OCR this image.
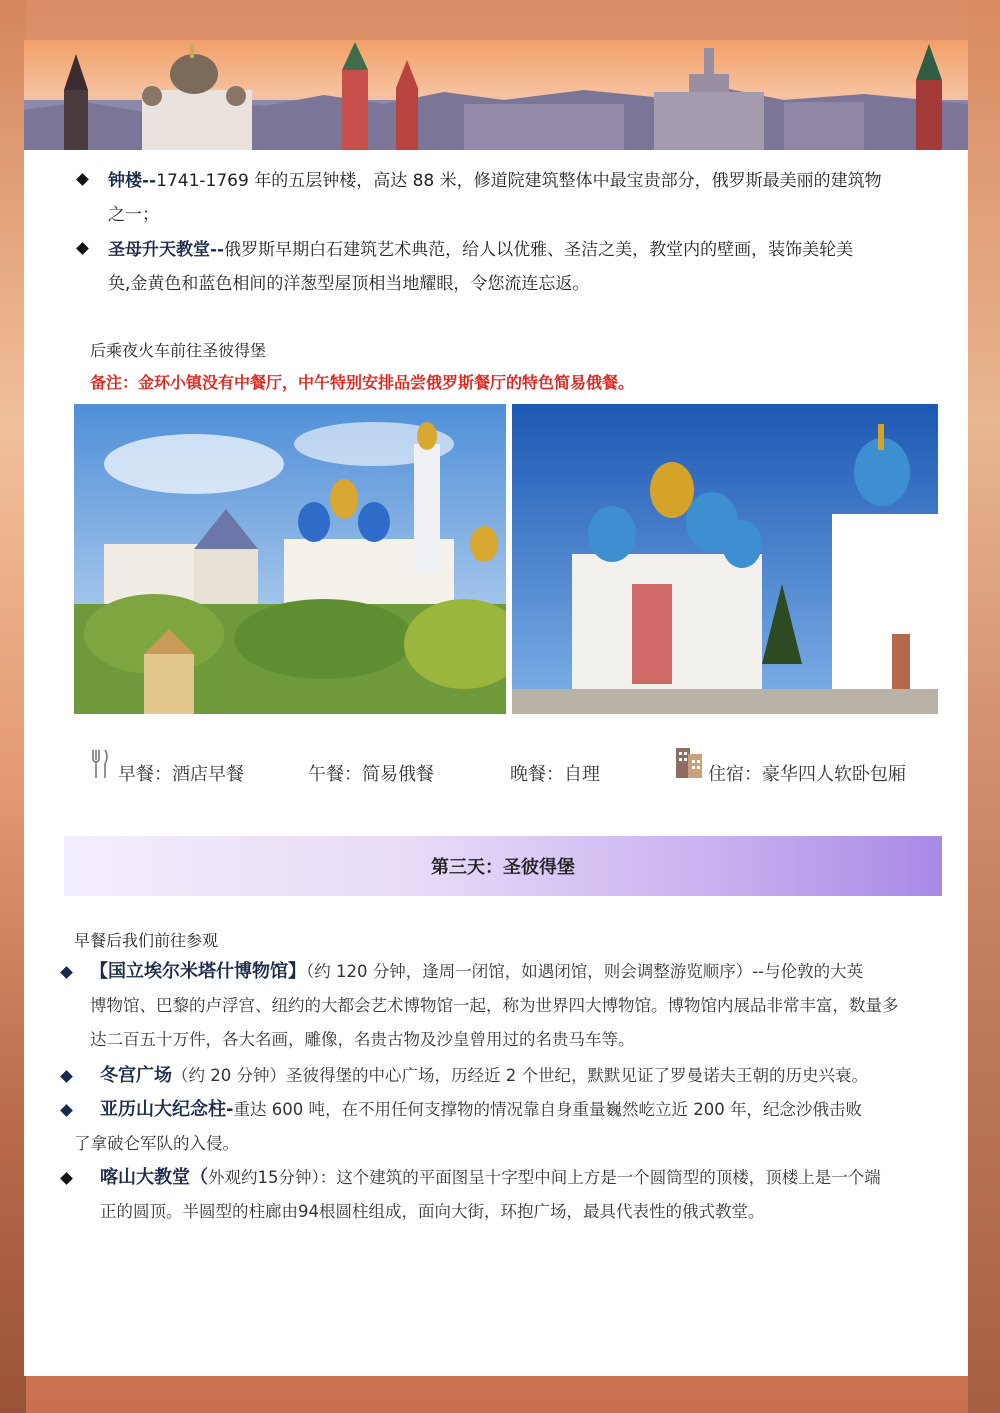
钟楼--1741-1769 年的五层钟楼，高达 88 米，修道院建筑整体中最宝贵部分，俄罗斯最美丽的建筑物
之一；
圣母升天教堂--俄罗斯早期白石建筑艺术典范，给人以优雅、圣洁之美，教堂内的壁画，装饰美轮美
奂,金黄色和蓝色相间的洋葱型屋顶相当地耀眼，令您流连忘返。
后乘夜火车前往圣彼得堡
备注：金环小镇没有中餐厅，中午特别安排品尝俄罗斯餐厅的特色简易俄餐。
早餐：酒店早餐	午餐：简易俄餐	晚餐：自理	住宿：豪华四人软卧包厢
第三天：圣彼得堡
早餐后我们前往参观
【国立埃尔米塔什博物馆】（约 120 分钟，逢周一闭馆，如遇闭馆，则会调整游览顺序）--与伦敦的大英
博物馆、巴黎的卢浮宫、纽约的大都会艺术博物馆一起，称为世界四大博物馆。博物馆内展品非常丰富，数量多
达二百五十万件，各大名画，雕像，名贵古物及沙皇曾用过的名贵马车等。
冬宫广场（约 20 分钟）圣彼得堡的中心广场，历经近 2 个世纪，默默见证了罗曼诺夫王朝的历史兴衰。
亚历山大纪念柱-重达 600 吨，在不用任何支撑物的情况靠自身重量巍然屹立近 200 年，纪念沙俄击败
了拿破仑军队的入侵。
喀山大教堂（外观约15分钟）：这个建筑的平面图呈十字型中间上方是一个圆筒型的顶楼，顶楼上是一个端
正的圆顶。半圆型的柱廊由94根圆柱组成，面向大街，环抱广场，最具代表性的俄式教堂。
